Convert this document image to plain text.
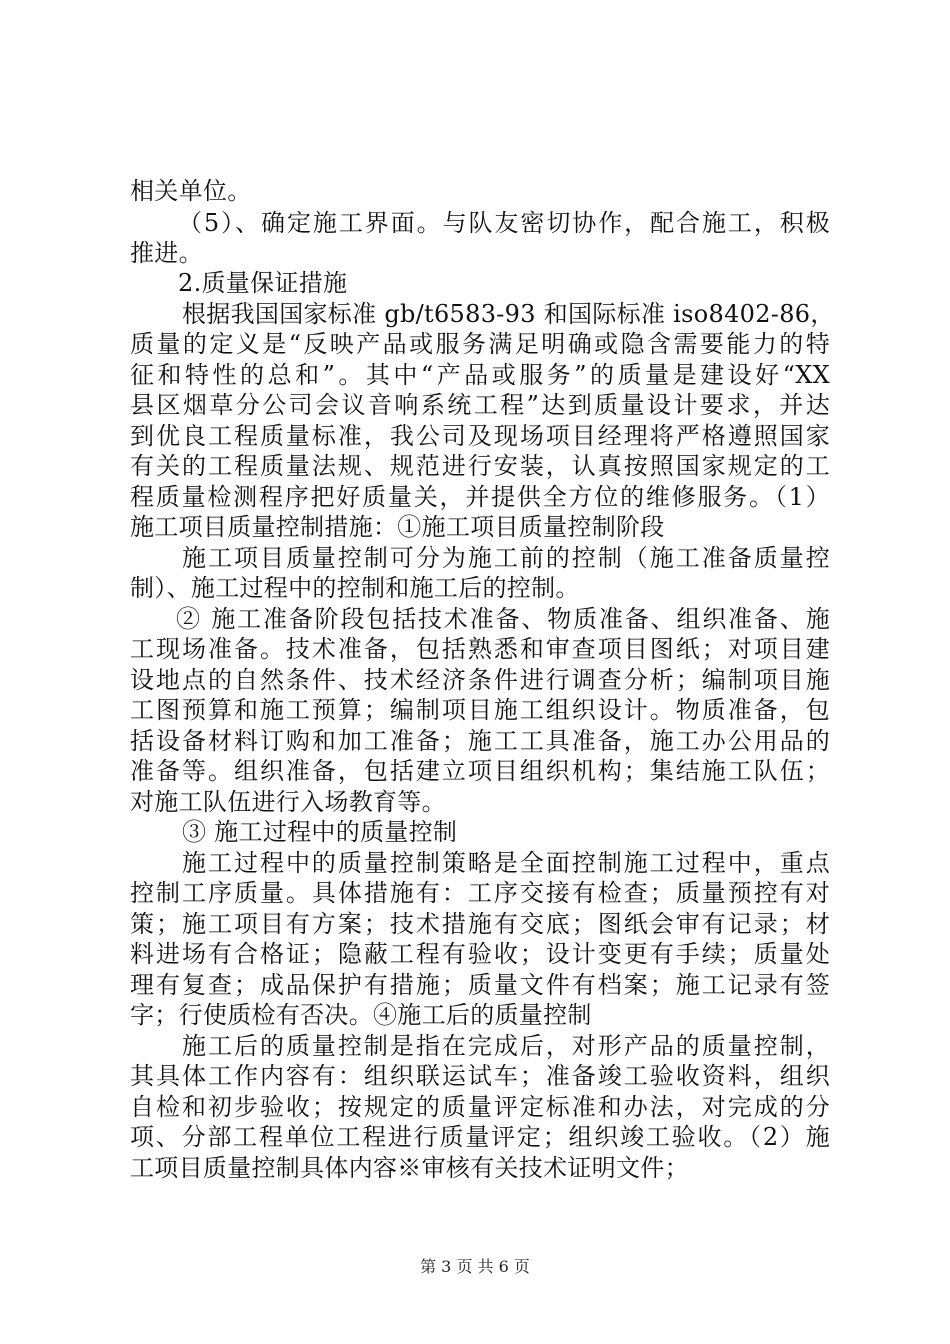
相关单位。
（5）、确定施工界面。与队友密切协作，配合施工，积极
推进。
2.质量保证措施
根据我国国家标准 gb/t6583-93 和国际标准 iso8402-86，
质量的定义是“反映产品或服务满足明确或隐含需要能力的特
征和特性的总和”。其中“产品或服务”的质量是建设好“XX
县区烟草分公司会议音响系统工程”达到质量设计要求，并达
到优良工程质量标准，我公司及现场项目经理将严格遵照国家
有关的工程质量法规、规范进行安装，认真按照国家规定的工
程质量检测程序把好质量关，并提供全方位的维修服务。（1）
施工项目质量控制措施：①施工项目质量控制阶段
施工项目质量控制可分为施工前的控制（施工准备质量控
制）、施工过程中的控制和施工后的控制。
② 施工准备阶段包括技术准备、物质准备、组织准备、施
工现场准备。技术准备，包括熟悉和审查项目图纸；对项目建
设地点的自然条件、技术经济条件进行调查分析；编制项目施
工图预算和施工预算；编制项目施工组织设计。物质准备，包
括设备材料订购和加工准备；施工工具准备，施工办公用品的
准备等。组织准备，包括建立项目组织机构；集结施工队伍；
对施工队伍进行入场教育等。
③ 施工过程中的质量控制
施工过程中的质量控制策略是全面控制施工过程中，重点
控制工序质量。具体措施有：工序交接有检查；质量预控有对
策；施工项目有方案；技术措施有交底；图纸会审有记录；材
料进场有合格证；隐蔽工程有验收；设计变更有手续；质量处
理有复查；成品保护有措施；质量文件有档案；施工记录有签
字；行使质检有否决。④施工后的质量控制
施工后的质量控制是指在完成后，对形产品的质量控制，
其具体工作内容有：组织联运试车；准备竣工验收资料，组织
自检和初步验收；按规定的质量评定标准和办法，对完成的分
项、分部工程单位工程进行质量评定；组织竣工验收。（2）施
工项目质量控制具体内容※审核有关技术证明文件；
第 3 页 共 6 页
